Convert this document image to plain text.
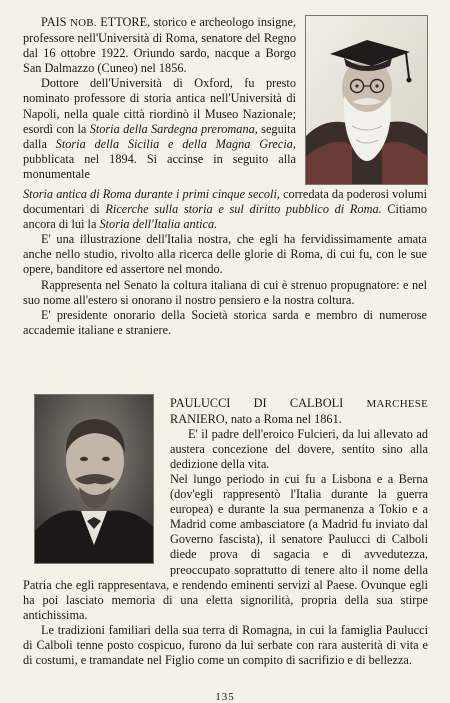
PAIS NOB. ETTORE, storico e archeologo insigne, professore nell'Università di Roma, senatore del Regno dal 16 ottobre 1922. Oriundo sardo, nacque a Borgo San Dalmazzo (Cuneo) nel 1856.

Dottore dell'Università di Oxford, fu presto nominato professore di storia antica nell'Università di Napoli, nella quale città riordinò il Museo Nazionale; esordì con la Storia della Sardegna preromana, seguita dalla Storia della Sicilia e della Magna Grecia, pubblicata nel 1894. Si accinse in seguito alla monumentale

Storia antica di Roma durante i primi cinque secoli, corredata da poderosi volumi documentari di Ricerche sulla storia e sul diritto pubblico di Roma. Citiamo ancora di lui la Storia dell'Italia antica.

E' una illustrazione dell'Italia nostra, che egli ha fervidissimamente amata anche nello studio, rivolto alla ricerca delle glorie di Roma, di cui fu, con le sue opere, banditore ed assertore nel mondo.

Rappresenta nel Senato la coltura italiana di cui è strenuo propugnatore: e nel suo nome all'estero si onorano il nostro pensiero e la nostra coltura.

E' presidente onorario della Società storica sarda e membro di numerose accademie italiane e straniere.

PAULUCCI DI CALBOLI MARCHESE RANIERO, nato a Roma nel 1861.

E' il padre dell'eroico Fulcieri, da lui allevato ad austera concezione del dovere, sentito sino alla dedizione della vita.

Nel lungo periodo in cui fu a Lisbona e a Berna (dov'egli rappresentò l'Italia durante la guerra europea) e durante la sua permanenza a Tokio e a Madrid come ambasciatore (a Madrid fu inviato dal Governo fascista), il senatore Paulucci di Calboli diede prova di sagacia e di avvedutezza, preoccupato soprattutto di tenere alto il nome della Patria che egli rappresentava, e rendendo eminenti servizi al Paese. Ovunque egli ha poi lasciato memoria di una eletta signorilità, propria della sua stirpe antichissima.

Le tradizioni familiari della sua terra di Romagna, in cui la famiglia Paulucci di Calboli tenne posto cospicuo, furono da lui serbate con rara austerità di vita e di costumi, e tramandate nel Figlio come un compito di sacrifizio e di bellezza.

135
